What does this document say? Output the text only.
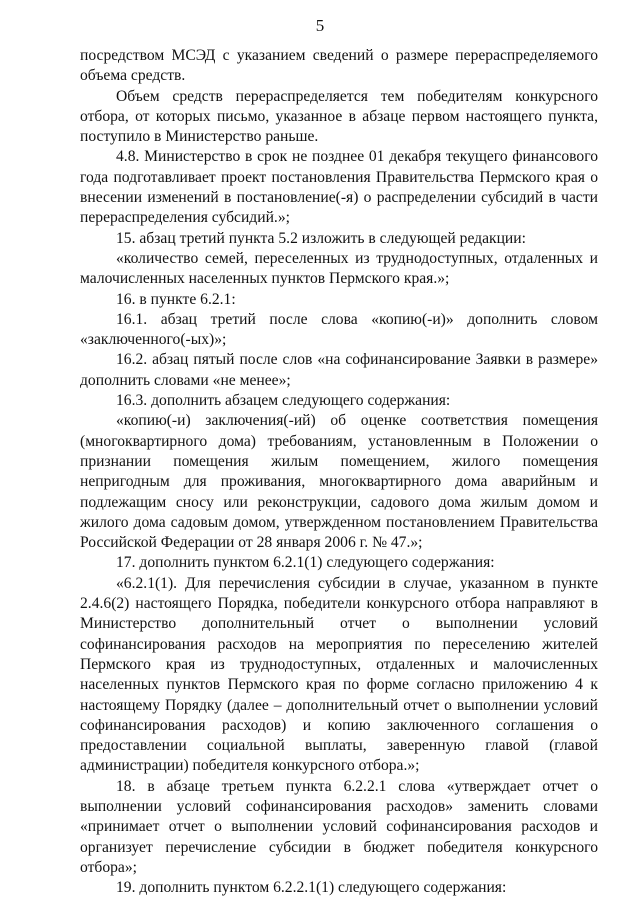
5

посредством МСЭД с указанием сведений о размере перераспределяемого объема средств.

Объем средств перераспределяется тем победителям конкурсного отбора, от которых письмо, указанное в абзаце первом настоящего пункта, поступило в Министерство раньше.

4.8. Министерство в срок не позднее 01 декабря текущего финансового года подготавливает проект постановления Правительства Пермского края о внесении изменений в постановление(-я) о распределении субсидий в части перераспределения субсидий.»;

15. абзац третий пункта 5.2 изложить в следующей редакции:

«количество семей, переселенных из труднодоступных, отдаленных и малочисленных населенных пунктов Пермского края.»;

16. в пункте 6.2.1:

16.1. абзац третий после слова «копию(-и)» дополнить словом «заключенного(-ых)»;

16.2. абзац пятый после слов «на софинансирование Заявки в размере» дополнить словами «не менее»;

16.3. дополнить абзацем следующего содержания:

«копию(-и) заключения(-ий) об оценке соответствия помещения (многоквартирного дома) требованиям, установленным в Положении о признании помещения жилым помещением, жилого помещения непригодным для проживания, многоквартирного дома аварийным и подлежащим сносу или реконструкции, садового дома жилым домом и жилого дома садовым домом, утвержденном постановлением Правительства Российской Федерации от 28 января 2006 г. № 47.»;

17. дополнить пунктом 6.2.1(1) следующего содержания:

«6.2.1(1). Для перечисления субсидии в случае, указанном в пункте 2.4.6(2) настоящего Порядка, победители конкурсного отбора направляют в Министерство дополнительный отчет о выполнении условий софинансирования расходов на мероприятия по переселению жителей Пермского края из труднодоступных, отдаленных и малочисленных населенных пунктов Пермского края по форме согласно приложению 4 к настоящему Порядку (далее – дополнительный отчет о выполнении условий софинансирования расходов) и копию заключенного соглашения о предоставлении социальной выплаты, заверенную главой (главой администрации) победителя конкурсного отбора.»;

18. в абзаце третьем пункта 6.2.2.1 слова «утверждает отчет о выполнении условий софинансирования расходов» заменить словами «принимает отчет о выполнении условий софинансирования расходов и организует перечисление субсидии в бюджет победителя конкурсного отбора»;

19. дополнить пунктом 6.2.2.1(1) следующего содержания:
